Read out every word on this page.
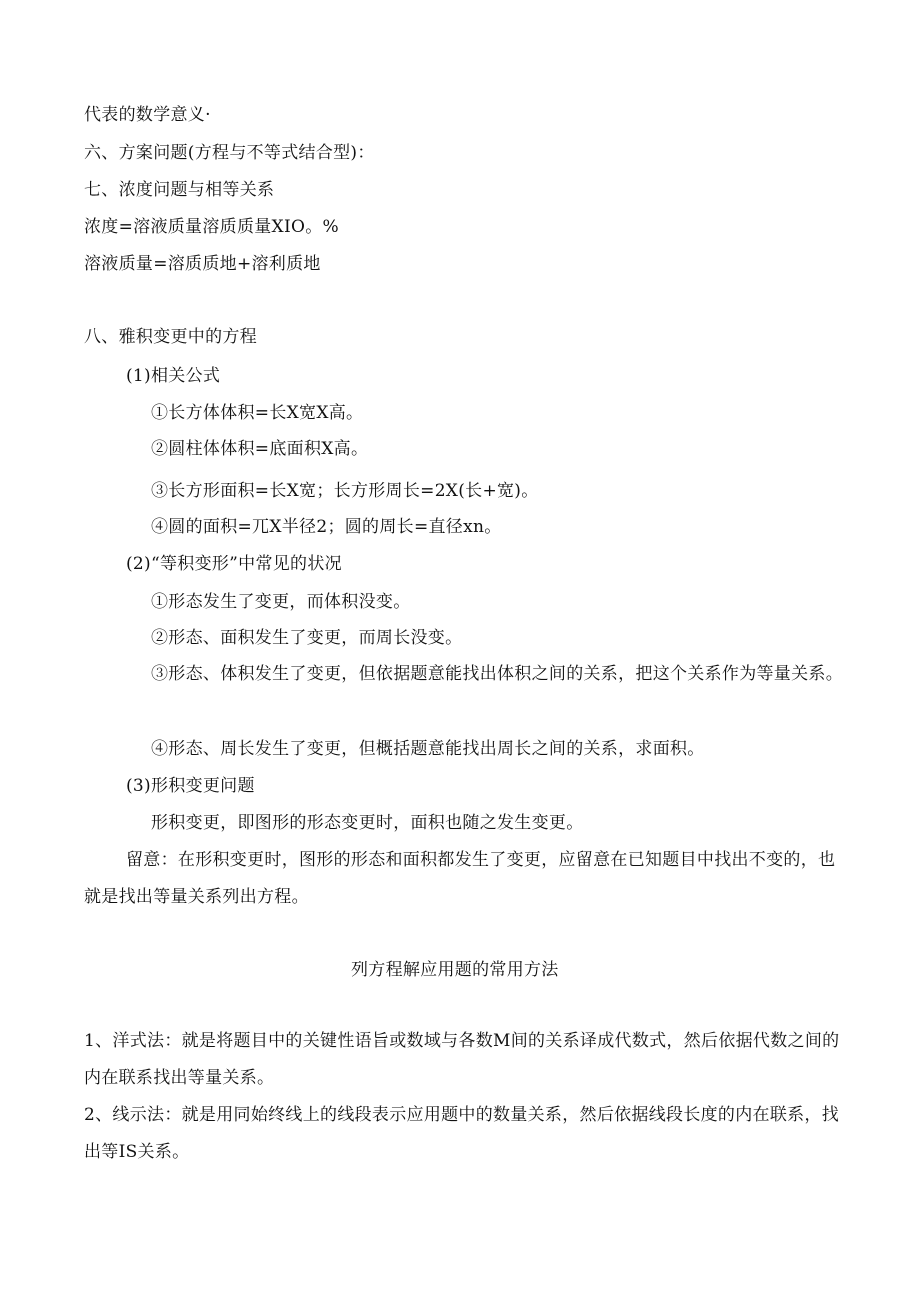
代表的数学意义·
六、方案问题(方程与不等式结合型)：
七、浓度问题与相等关系
浓度=溶液质量溶质质量XIO。%
溶液质量=溶质质地+溶利质地
八、雅积变更中的方程
(1)相关公式
①长方体体积=长X宽X高。
②圆柱体体积=底面积X高。
③长方形面积=长X宽；长方形周长=2X(长+宽)。
④圆的面积=兀X半径2；圆的周长=直径xn。
(2)“等积变形”中常见的状况
①形态发生了变更，而体积没变。
②形态、面积发生了变更，而周长没变。
③形态、体积发生了变更，但依据题意能找出体积之间的关系，把这个关系作为等量关系。
④形态、周长发生了变更，但概括题意能找出周长之间的关系，求面积。
(3)形积变更问题
形积变更，即图形的形态变更时，面积也随之发生变更。
留意：在形积变更时，图形的形态和面积都发生了变更，应留意在已知题目中找出不变的，也就是找出等量关系列出方程。
列方程解应用题的常用方法
1、洋式法：就是将题目中的关键性语旨或数域与各数M间的关系译成代数式，然后依据代数之间的内在联系找出等量关系。
2、线示法：就是用同始终线上的线段表示应用题中的数量关系，然后依据线段长度的内在联系，找出等IS关系。
